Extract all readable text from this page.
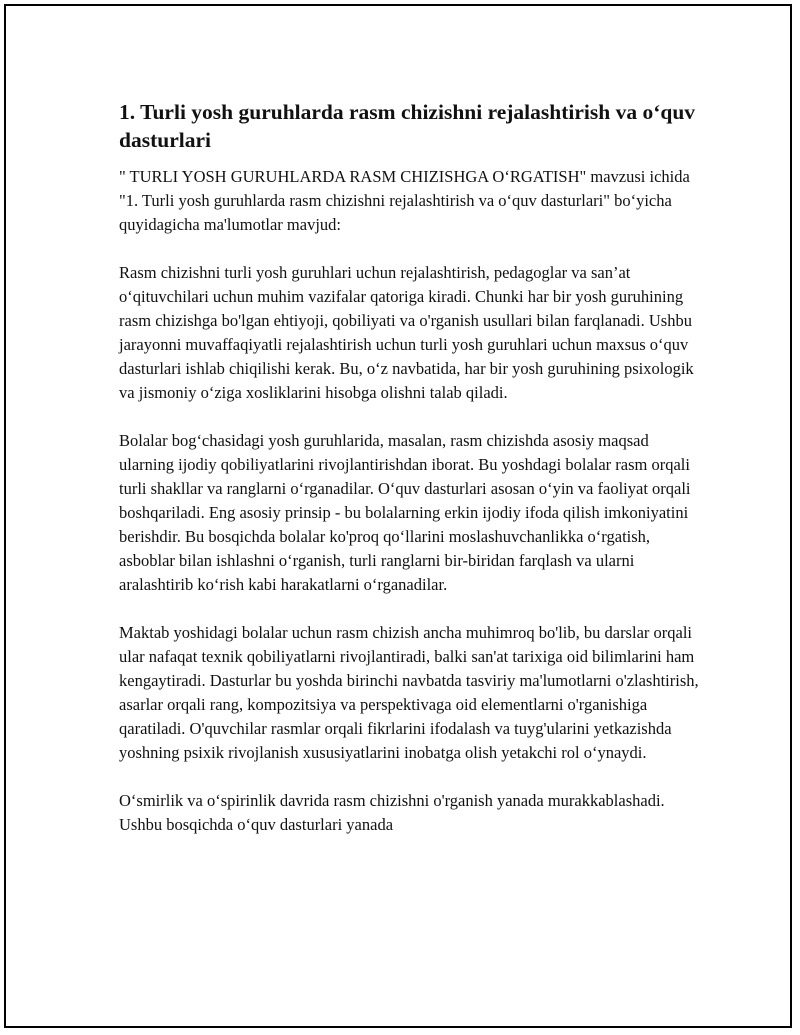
1. Turli yosh guruhlarda rasm chizishni rejalashtirish va o‘quv dasturlari

" TURLI YOSH GURUHLARDA RASM CHIZISHGA O‘RGATISH" mavzusi ichida "1. Turli yosh guruhlarda rasm chizishni rejalashtirish va o‘quv dasturlari" bo‘yicha quyidagicha ma'lumotlar mavjud:

Rasm chizishni turli yosh guruhlari uchun rejalashtirish, pedagoglar va san’at o‘qituvchilari uchun muhim vazifalar qatoriga kiradi. Chunki har bir yosh guruhining rasm chizishga bo'lgan ehtiyoji, qobiliyati va o'rganish usullari bilan farqlanadi. Ushbu jarayonni muvaffaqiyatli rejalashtirish uchun turli yosh guruhlari uchun maxsus o‘quv dasturlari ishlab chiqilishi kerak. Bu, o‘z navbatida, har bir yosh guruhining psixologik va jismoniy o‘ziga xosliklarini hisobga olishni talab qiladi.

Bolalar bog‘chasidagi yosh guruhlarida, masalan, rasm chizishda asosiy maqsad ularning ijodiy qobiliyatlarini rivojlantirishdan iborat. Bu yoshdagi bolalar rasm orqali turli shakllar va ranglarni o‘rganadilar. O‘quv dasturlari asosan o‘yin va faoliyat orqali boshqariladi. Eng asosiy prinsip - bu bolalarning erkin ijodiy ifoda qilish imkoniyatini berishdir. Bu bosqichda bolalar ko'proq qo‘llarini moslashuvchanlikka o‘rgatish, asboblar bilan ishlashni o‘rganish, turli ranglarni bir-biridan farqlash va ularni aralashtirib ko‘rish kabi harakatlarni o‘rganadilar.

Maktab yoshidagi bolalar uchun rasm chizish ancha muhimroq bo'lib, bu darslar orqali ular nafaqat texnik qobiliyatlarni rivojlantiradi, balki san'at tarixiga oid bilimlarini ham kengaytiradi. Dasturlar bu yoshda birinchi navbatda tasviriy ma'lumotlarni o'zlashtirish, asarlar orqali rang, kompozitsiya va perspektivaga oid elementlarni o'rganishiga qaratiladi. O'quvchilar rasmlar orqali fikrlarini ifodalash va tuyg'ularini yetkazishda yoshning psixik rivojlanish xususiyatlarini inobatga olish yetakchi rol o‘ynaydi.

O‘smirlik va o‘spirinlik davrida rasm chizishni o'rganish yanada murakkablashadi. Ushbu bosqichda o‘quv dasturlari yanada
